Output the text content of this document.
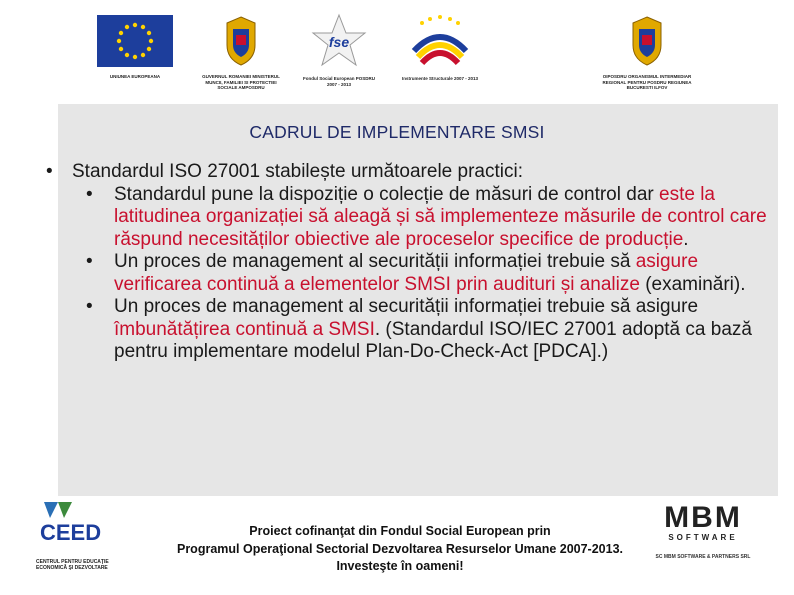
UNIUNEA EUROPEANA	GUVERNUL ROMANIEI MINISTERUL MUNCII, FAMILIEI SI PROTECTIEI SOCIALE AMPOSDRU
fse
Fondul Social European POSDRU 2007 - 2013
Instrumente Structurale 2007 - 2013	OIPOSDRU ORGANISMUL INTERMEDIAR REGIONAL PENTRU POSDRU REGIUNEA BUCURESTI ILFOV
CADRUL DE IMPLEMENTARE SMSI
• Standardul ISO 27001 stabilește următoarele practici:
• Standardul pune la dispoziție o colecție de măsuri de control dar este la latitudinea organizației să aleagă și să implementeze măsurile de control care răspund necesităților obiective ale proceselor specifice de producție.
• Un proces de management al securității informației trebuie să asigure verificarea continuă a elementelor SMSI prin audituri și analize (examinări).
• Un proces de management al securității informației trebuie să asigure îmbunătățirea continuă a SMSI. (Standardul ISO/IEC 27001 adoptă ca bază pentru implementare modelul Plan-Do-Check-Act [PDCA].)
CEED
CENTRUL PENTRU EDUCAŢIE ECONOMICĂ ŞI DEZVOLTARE
Proiect cofinanţat din Fondul Social European prin
Programul Operaţional Sectorial Dezvoltarea Resurselor Umane 2007-2013.
Investeşte în oameni!
MBM
SOFTWARE
SC MBM SOFTWARE & PARTNERS SRL
